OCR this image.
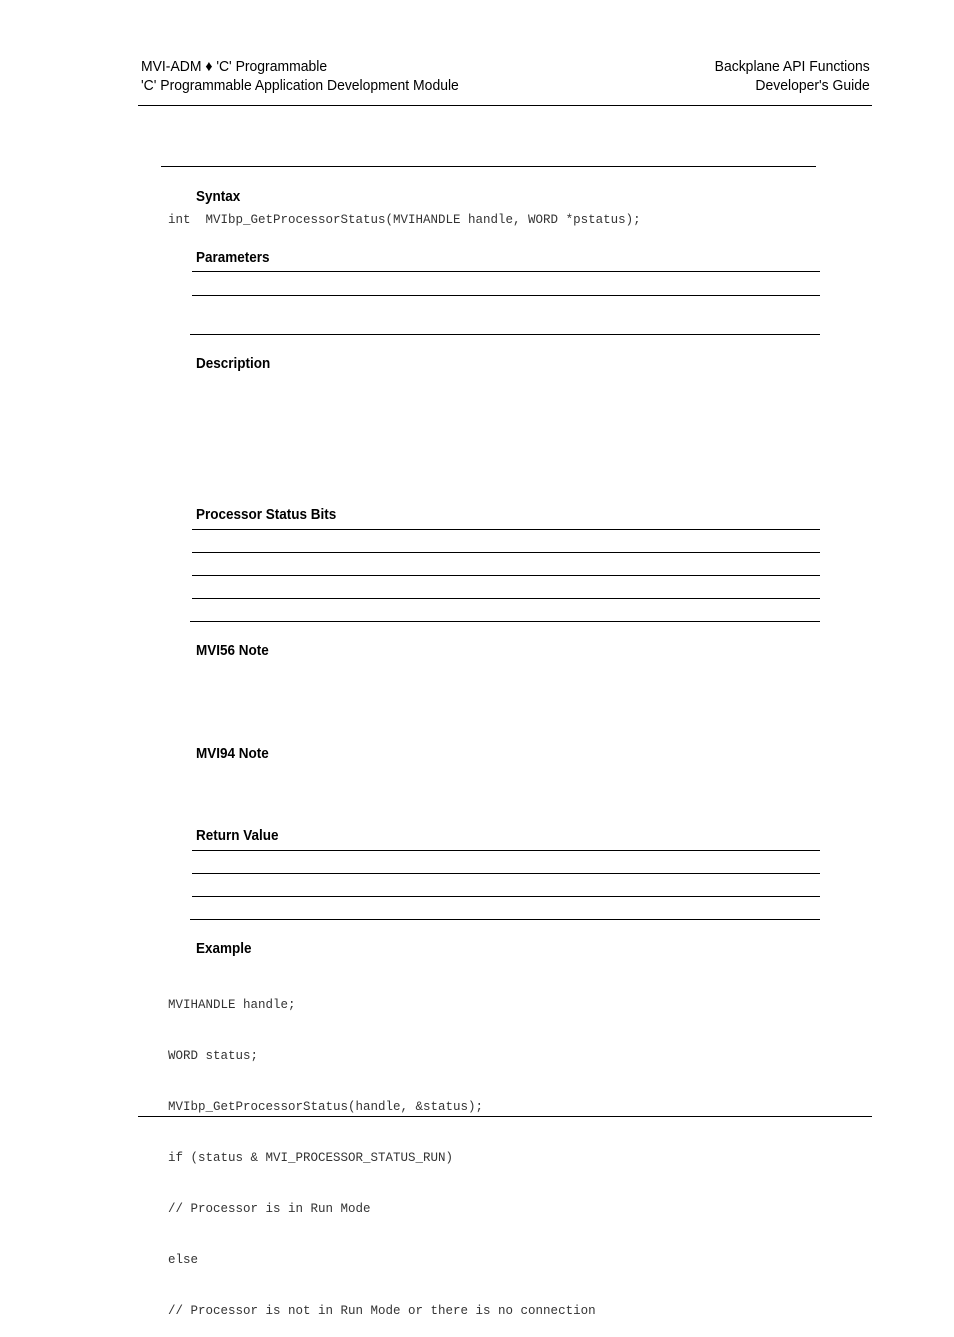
MVI-ADM ♦ 'C' Programmable
'C' Programmable Application Development Module
Backplane API Functions
Developer's Guide
Syntax
int  MVIbp_GetProcessorStatus(MVIHANDLE handle, WORD *pstatus);
Parameters
Description
Processor Status Bits
MVI56 Note
MVI94 Note
Return Value
Example

MVIHANDLE handle;

WORD status;

MVIbp_GetProcessorStatus(handle, &status);

if (status & MVI_PROCESSOR_STATUS_RUN)

// Processor is in Run Mode

else

// Processor is not in Run Mode or there is no connection
